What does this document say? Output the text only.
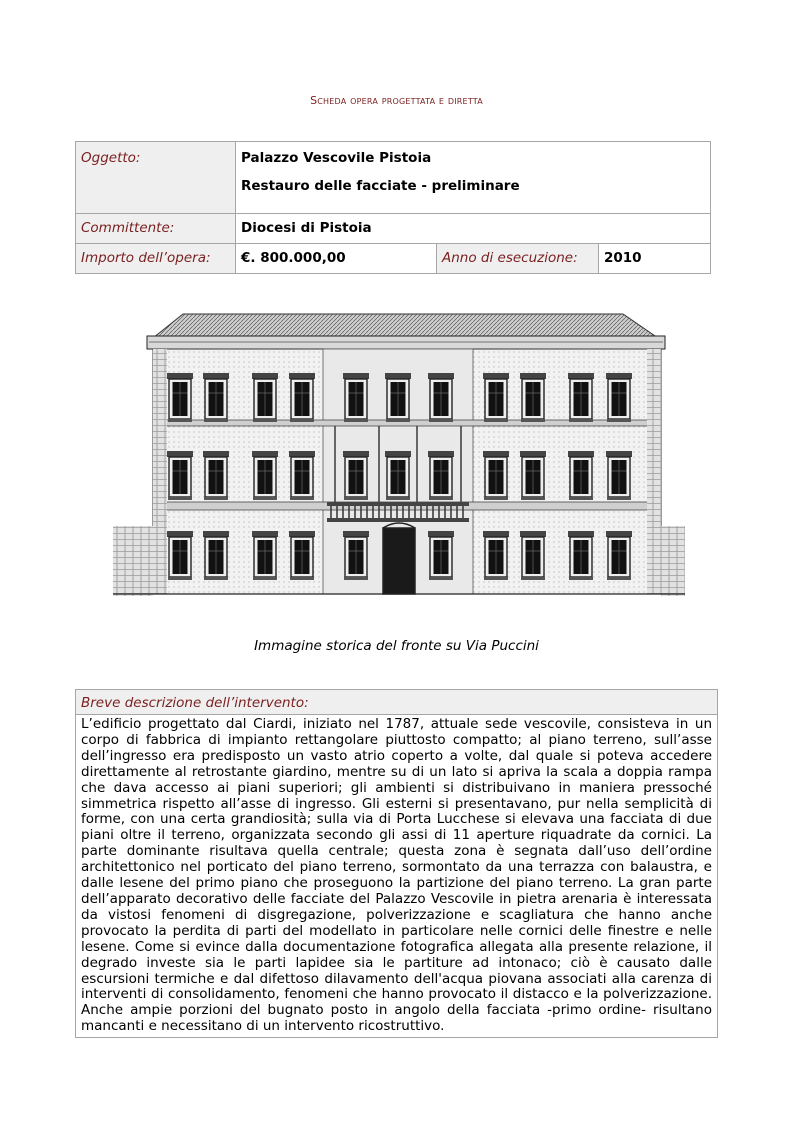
Scheda opera progettata e diretta
Oggetto:	Palazzo Vescovile Pistoia

Restauro delle facciate - preliminare		

Committente:	Diocesi di Pistoia		
Importo dell’opera:	€. 800.000,00	Anno di esecuzione:	2010
Immagine storica del fronte su Via Puccini
Breve descrizione dell’intervento:
L’edificio progettato dal Ciardi, iniziato nel 1787, attuale sede vescovile, consisteva in un corpo di fabbrica di impianto rettangolare piuttosto compatto; al piano terreno, sull’asse dell’ingresso era predisposto un vasto atrio coperto a volte, dal quale si poteva accedere direttamente al retrostante giardino, mentre su di un lato si apriva la scala a doppia rampa che dava accesso ai piani superiori; gli ambienti si distribuivano in maniera pressoché simmetrica rispetto all’asse di ingresso. Gli esterni si presentavano, pur nella semplicità di forme, con una certa grandiosità; sulla via di Porta Lucchese si elevava una facciata di due piani oltre il terreno, organizzata secondo gli assi di 11 aperture riquadrate da cornici. La parte dominante risultava quella centrale; questa zona è segnata dall’uso dell’ordine architettonico nel porticato del piano terreno, sormontato da una terrazza con balaustra, e dalle lesene del primo piano che proseguono la partizione del piano terreno. La gran parte dell’apparato decorativo delle facciate del Palazzo Vescovile in pietra arenaria è interessata da vistosi fenomeni di disgregazione, polverizzazione e scagliatura che hanno anche provocato la perdita di parti del modellato in particolare nelle cornici delle finestre e nelle lesene. Come si evince dalla documentazione fotografica allegata alla presente relazione, il degrado investe sia le parti lapidee sia le partiture ad intonaco; ciò è causato dalle escursioni termiche e dal difettoso dilavamento dell'acqua piovana associati alla carenza di interventi di consolidamento, fenomeni che hanno provocato il distacco e la polverizzazione. Anche ampie porzioni del bugnato posto in angolo della facciata -primo ordine- risultano mancanti e necessitano di un intervento ricostruttivo.
